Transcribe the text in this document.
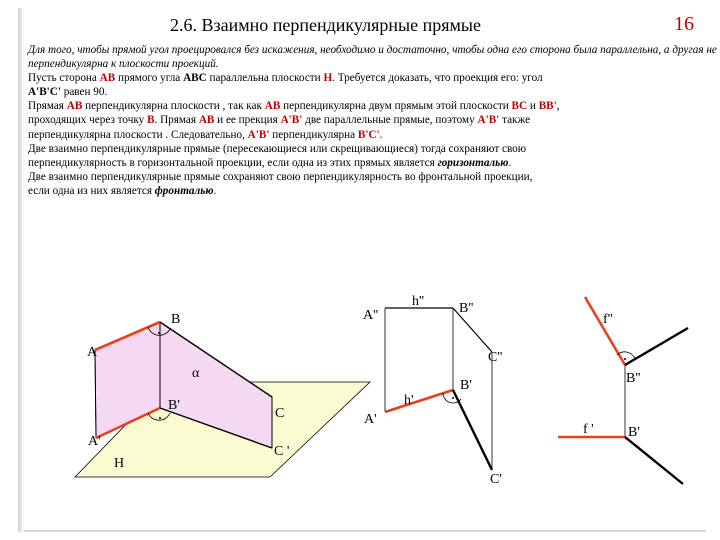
2.6. Взаимно перпендикулярные прямые	16

Для того, чтобы прямой угол проецировался без искажения, необходимо и достаточно, чтобы одна его сторона была параллельна, а другая не перпендикулярна к плоскости проекций.

Пусть сторона AB прямого угла ABC параллельна плоскости H. Требуется доказать, что проекция его: угол

A'B'C' равен 90.

Прямая AB перпендикулярна плоскости , так как AB перпендикулярна двум прямым этой плоскости BC и BB',

проходящих через точку B. Прямая AB и ее прекция A'B' две параллельные прямые, поэтому A'B' также

перпендикулярна плоскости . Следовательно, A'B' перпендикулярна B'C'.

Две взаимно перпендикулярные прямые (пересекающиеся или скрещивающиеся) тогда сохраняют свою

перпендикулярность в горизонтальной проекции, если одна из этих прямых является горизонталью.

Две взаимно перпендикулярные прямые сохраняют свою перпендикулярность во фронтальной проекции,

если одна из них является фронталью.

B
A
α
B'
C
A'
C '
H
A''
h'' B''
C''
h'
B'
A'
C'
f''
B''
f ' B'
